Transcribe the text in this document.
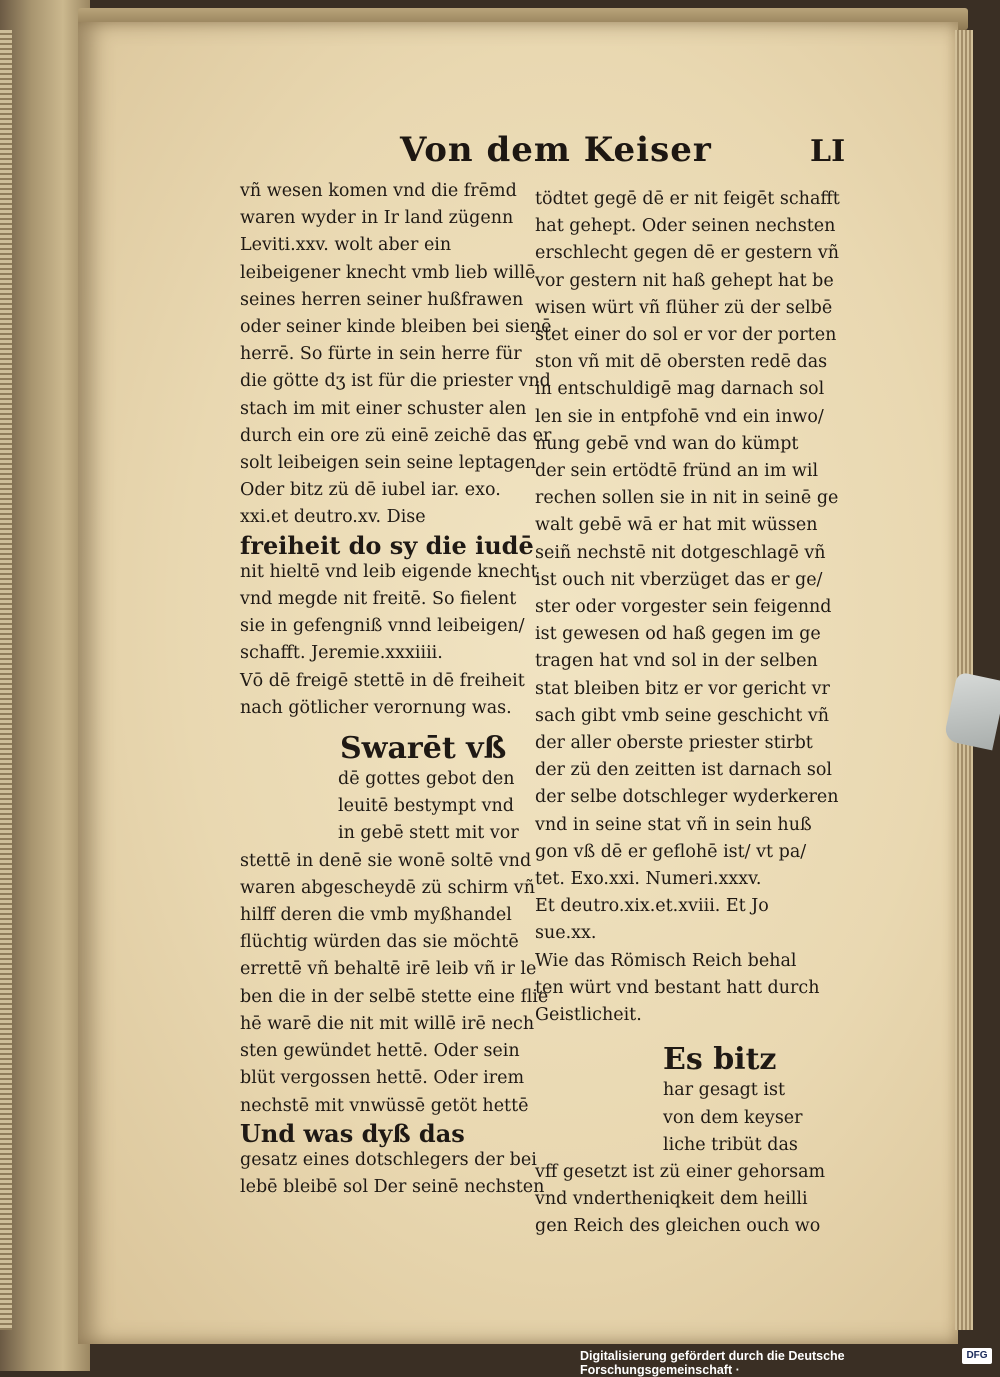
Von dem Keiser	LI

vñ wesen komen vnd die frēmd

waren wyder in Ir land zügenn

Leviti.xxv. wolt aber ein

leibeigener knecht vmb lieb willē

seines herren seiner hußfrawen

oder seiner kinde bleiben bei sienē

herrē. So fürte in sein herre für

die götte dʒ ist für die priester vnd

stach im mit einer schuster alen

durch ein ore zü einē zeichē das er

solt leibeigen sein seine leptagen

Oder bitz zü dē iubel iar. exo.

xxi.et deutro.xv. Dise

freiheit do sy die iudē

nit hieltē vnd leib eigende knecht

vnd megde nit freitē. So fielent

sie in gefengniß vnnd leibeigen/

schafft. Jeremie.xxxiiii.

Vō dē freigē stettē in dē freiheit

nach götlicher verornung was.

Swarēt vß

dē gottes gebot den

leuitē bestympt vnd

in gebē stett mit vor

stettē in denē sie wonē soltē vnd

waren abgescheydē zü schirm vñ

hilff deren die vmb myßhandel

flüchtig würden das sie möchtē

errettē vñ behaltē irē leib vñ ir le

ben die in der selbē stette eine flie

hē warē die nit mit willē irē nech

sten gewündet hettē. Oder sein

blüt vergossen hettē. Oder irem

nechstē mit vnwüssē getöt hettē

Und was dyß das

gesatz eines dotschlegers der bei

lebē bleibē sol Der seinē nechsten

tödtet gegē dē er nit feigēt schafft

hat gehept. Oder seinen nechsten

erschlecht gegen dē er gestern vñ

vor gestern nit haß gehept hat be

wisen würt vñ flüher zü der selbē

stet einer do sol er vor der porten

ston vñ mit dē obersten redē das

in entschuldigē mag darnach sol

len sie in entpfohē vnd ein inwo/

nung gebē vnd wan do kümpt

der sein ertödtē fründ an im wil

rechen sollen sie in nit in seinē ge

walt gebē wā er hat mit wüssen

seiñ nechstē nit dotgeschlagē vñ

ist ouch nit vberzüget das er ge/

ster oder vorgester sein feigennd

ist gewesen od haß gegen im ge

tragen hat vnd sol in der selben

stat bleiben bitz er vor gericht vr

sach gibt vmb seine geschicht vñ

der aller oberste priester stirbt

der zü den zeitten ist darnach sol

der selbe dotschleger wyderkeren

vnd in seine stat vñ in sein huß

gon vß dē er geflohē ist/ vt pa/

tet. Exo.xxi. Numeri.xxxv.

Et deutro.xix.et.xviii. Et Jo

sue.xx.

Wie das Römisch Reich behal

ten würt vnd bestant hatt durch

Geistlicheit.

Es bitz

har gesagt ist

von dem keyser

liche tribüt das

vff gesetzt ist zü einer gehorsam

vnd vndertheniqkeit dem heilli

gen Reich des gleichen ouch wo

Digitalisierung gefördert durch die Deutsche Forschungsgemeinschaft ·
DFG
